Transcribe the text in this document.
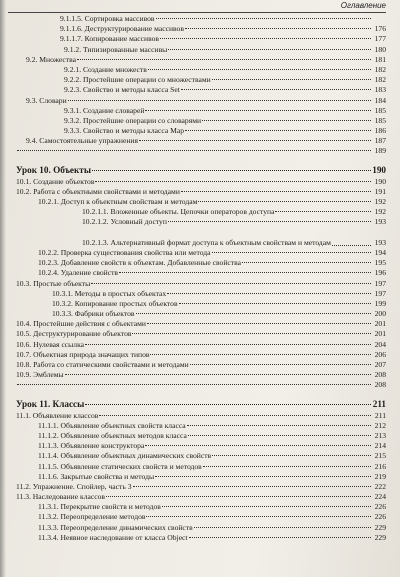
Оглавление
9.1.1.5. Сортировка массивов
9.1.1.6. Деструктурирование массивов	176
9.1.1.7. Копирование массивов	177
9.1.2. Типизированные массивы	180
9.2. Множества	181
9.2.1. Создание множеств	182
9.2.2. Простейшие операции со множествами	182
9.2.3. Свойство и методы класса Set	183
9.3. Словари	184
9.3.1. Создание словарей	185
9.3.2. Простейшие операции со словарями	185
9.3.3. Свойство и методы класса Map	186
9.4. Самостоятельные упражнения	187
189
Урок 10. Объекты	190
10.1. Создание объектов	190
10.2. Работа с объектными свойствами и методами	191
10.2.1. Доступ к объектным свойствам и методам	192
10.2.1.1. Вложенные объекты. Цепочки операторов доступа	192
10.2.1.2. Условный доступ	193
10.2.1.3. Альтернативный формат доступа к объектным свойствам и методам	193
10.2.2. Проверка существования свойства или метода	194
10.2.3. Добавление свойств к объектам. Добавленные свойства	195
10.2.4. Удаление свойств	196
10.3. Простые объекты	197
10.3.1. Методы в простых объектах	197
10.3.2. Копирование простых объектов	199
10.3.3. Фабрики объектов	200
10.4. Простейшие действия с объектами	201
10.5. Деструктурирование объектов	201
10.6. Нулевая ссылка	204
10.7. Объектная природа значащих типов	206
10.8. Работа со статическими свойствами и методами	207
10.9. Эмблемы	208
208
Урок 11. Классы	211
11.1. Объявление классов	211
11.1.1. Объявление объектных свойств класса	212
11.1.2. Объявление объектных методов класса	213
11.1.3. Объявление конструктора	214
11.1.4. Объявление объектных динамических свойств	215
11.1.5. Объявление статических свойств и методов	216
11.1.6. Закрытые свойства и методы	219
11.2. Упражнение. Спойлер, часть 3	222
11.3. Наследование классов	224
11.3.1. Перекрытие свойств и методов	226
11.3.2. Переопределение методов	226
11.3.3. Переопределение динамических свойств	229
11.3.4. Неявное наследование от класса Object	229
